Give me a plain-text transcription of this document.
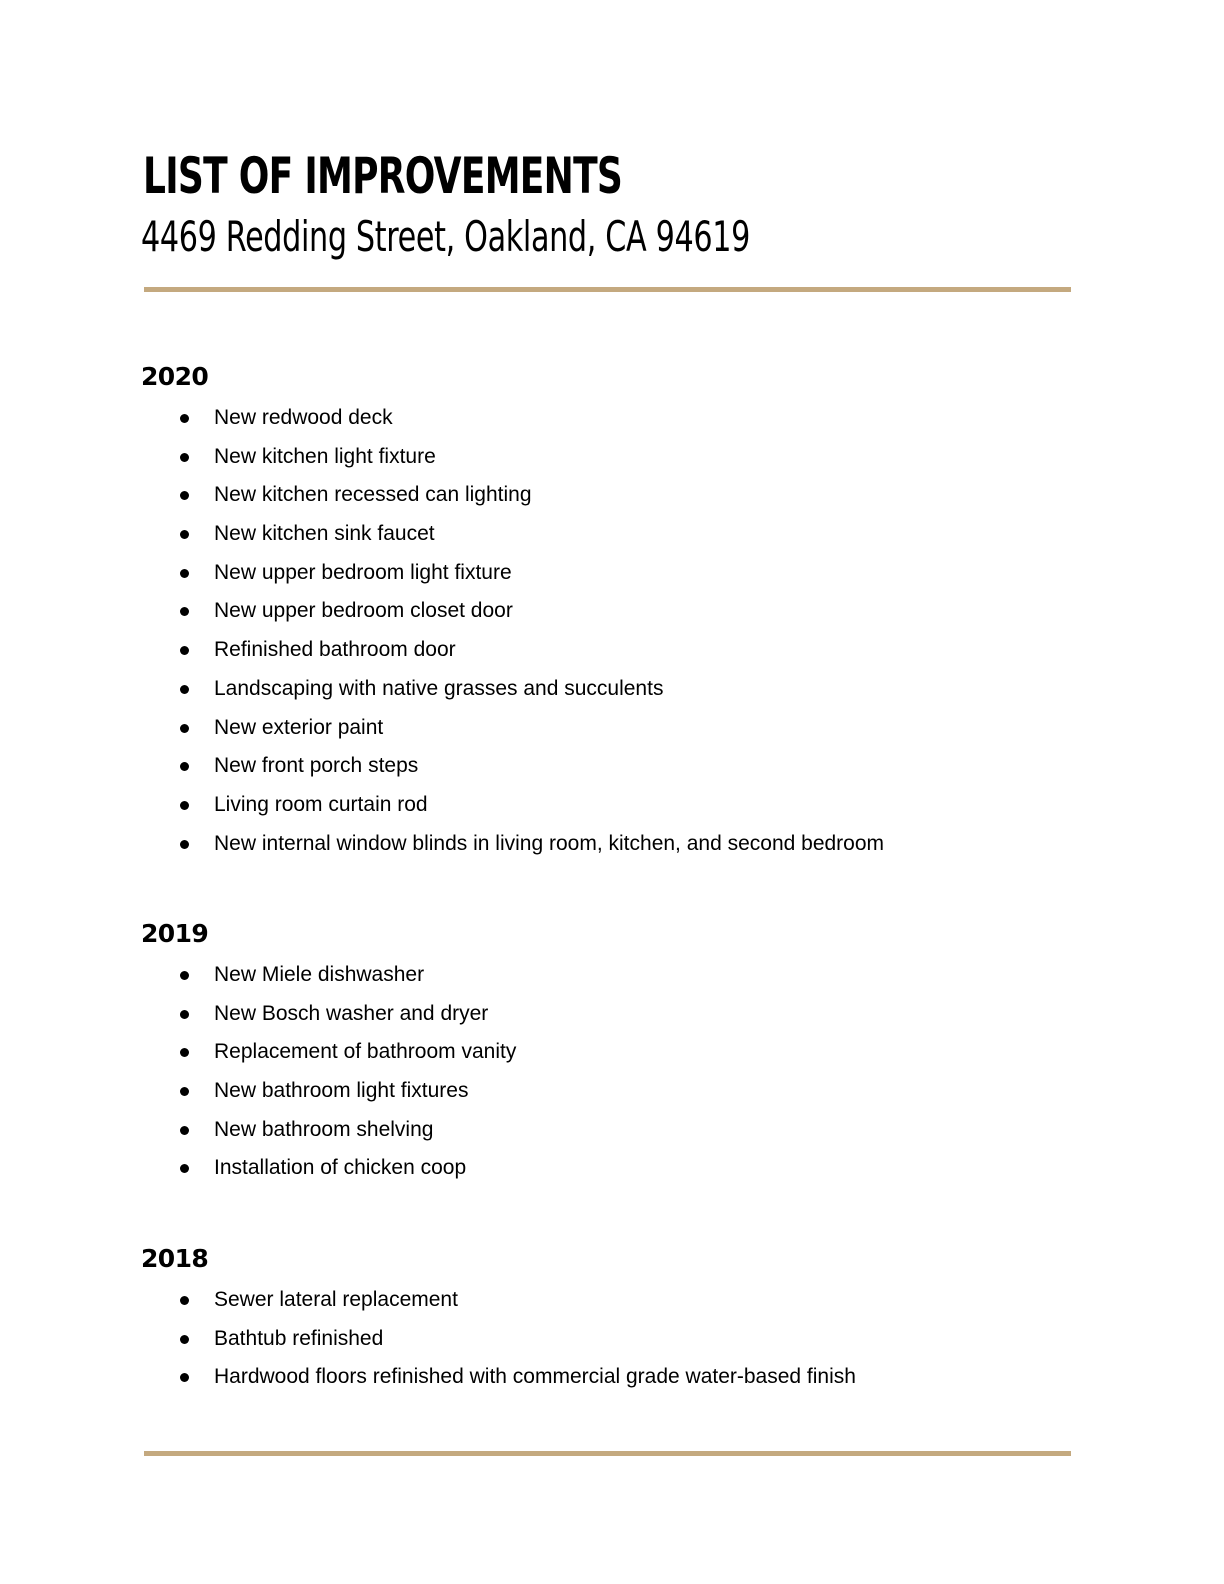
LIST OF IMPROVEMENTS
4469 Redding Street, Oakland, CA 94619
2020
New redwood deck
New kitchen light fixture
New kitchen recessed can lighting
New kitchen sink faucet
New upper bedroom light fixture
New upper bedroom closet door
Refinished bathroom door
Landscaping with native grasses and succulents
New exterior paint
New front porch steps
Living room curtain rod
New internal window blinds in living room, kitchen, and second bedroom
2019
New Miele dishwasher
New Bosch washer and dryer
Replacement of bathroom vanity
New bathroom light fixtures
New bathroom shelving
Installation of chicken coop
2018
Sewer lateral replacement
Bathtub refinished
Hardwood floors refinished with commercial grade water-based finish
